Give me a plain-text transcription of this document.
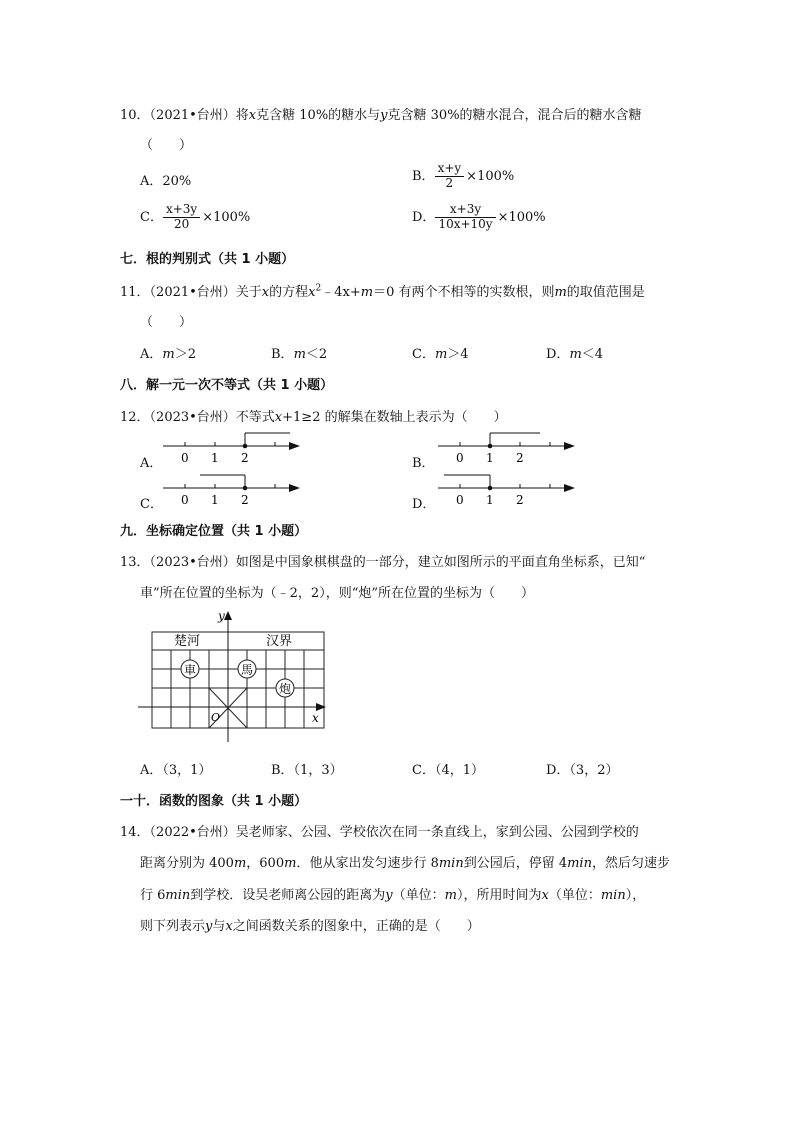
10．（2021•台州）将x克含糖 10%的糖水与y克含糖 30%的糖水混合，混合后的糖水含糖
（　　）
A．20%	B． $\frac{x+y}{2} \times 100\%$
C． $\frac{x+3y}{20} \times 100\%$	D． $\frac{x+3y}{10x+10y} \times 100\%$
七．根的判别式（共 1 小题）
11．（2021•台州）关于x的方程$x^2﹣4x+m=0$ 有两个不相等的实数根，则m的取值范围是
（　　）
A．m＞2	B．m＜2	C．m＞4	D．m＜4
八．解一元一次不等式（共 1 小题）
12．（2023•台州）不等式x+1≥2 的解集在数轴上表示为（　　）
A． 0 1 2	B． 0 1 2
C． 0 1 2	D． 0 1 2
九．坐标确定位置（共 1 小题）
13．（2023•台州）如图是中国象棋棋盘的一部分，建立如图所示的平面直角坐标系，已知“
車”所在位置的坐标为（﹣2，2），则“炮”所在位置的坐标为（　　）
y
x
O
楚河	汉界
車	馬
炮
A．（3，1）	B．（1，3）	C．（4，1）	D．（3，2）
一十．函数的图象（共 1 小题）
14．（2022•台州）吴老师家、公园、学校依次在同一条直线上，家到公园、公园到学校的
距离分别为 400m，600m．他从家出发匀速步行 8min到公园后，停留 4min，然后匀速步
行 6min到学校．设吴老师离公园的距离为y（单位：m），所用时间为x（单位：min），
则下列表示y与x之间函数关系的图象中，正确的是（　　）
